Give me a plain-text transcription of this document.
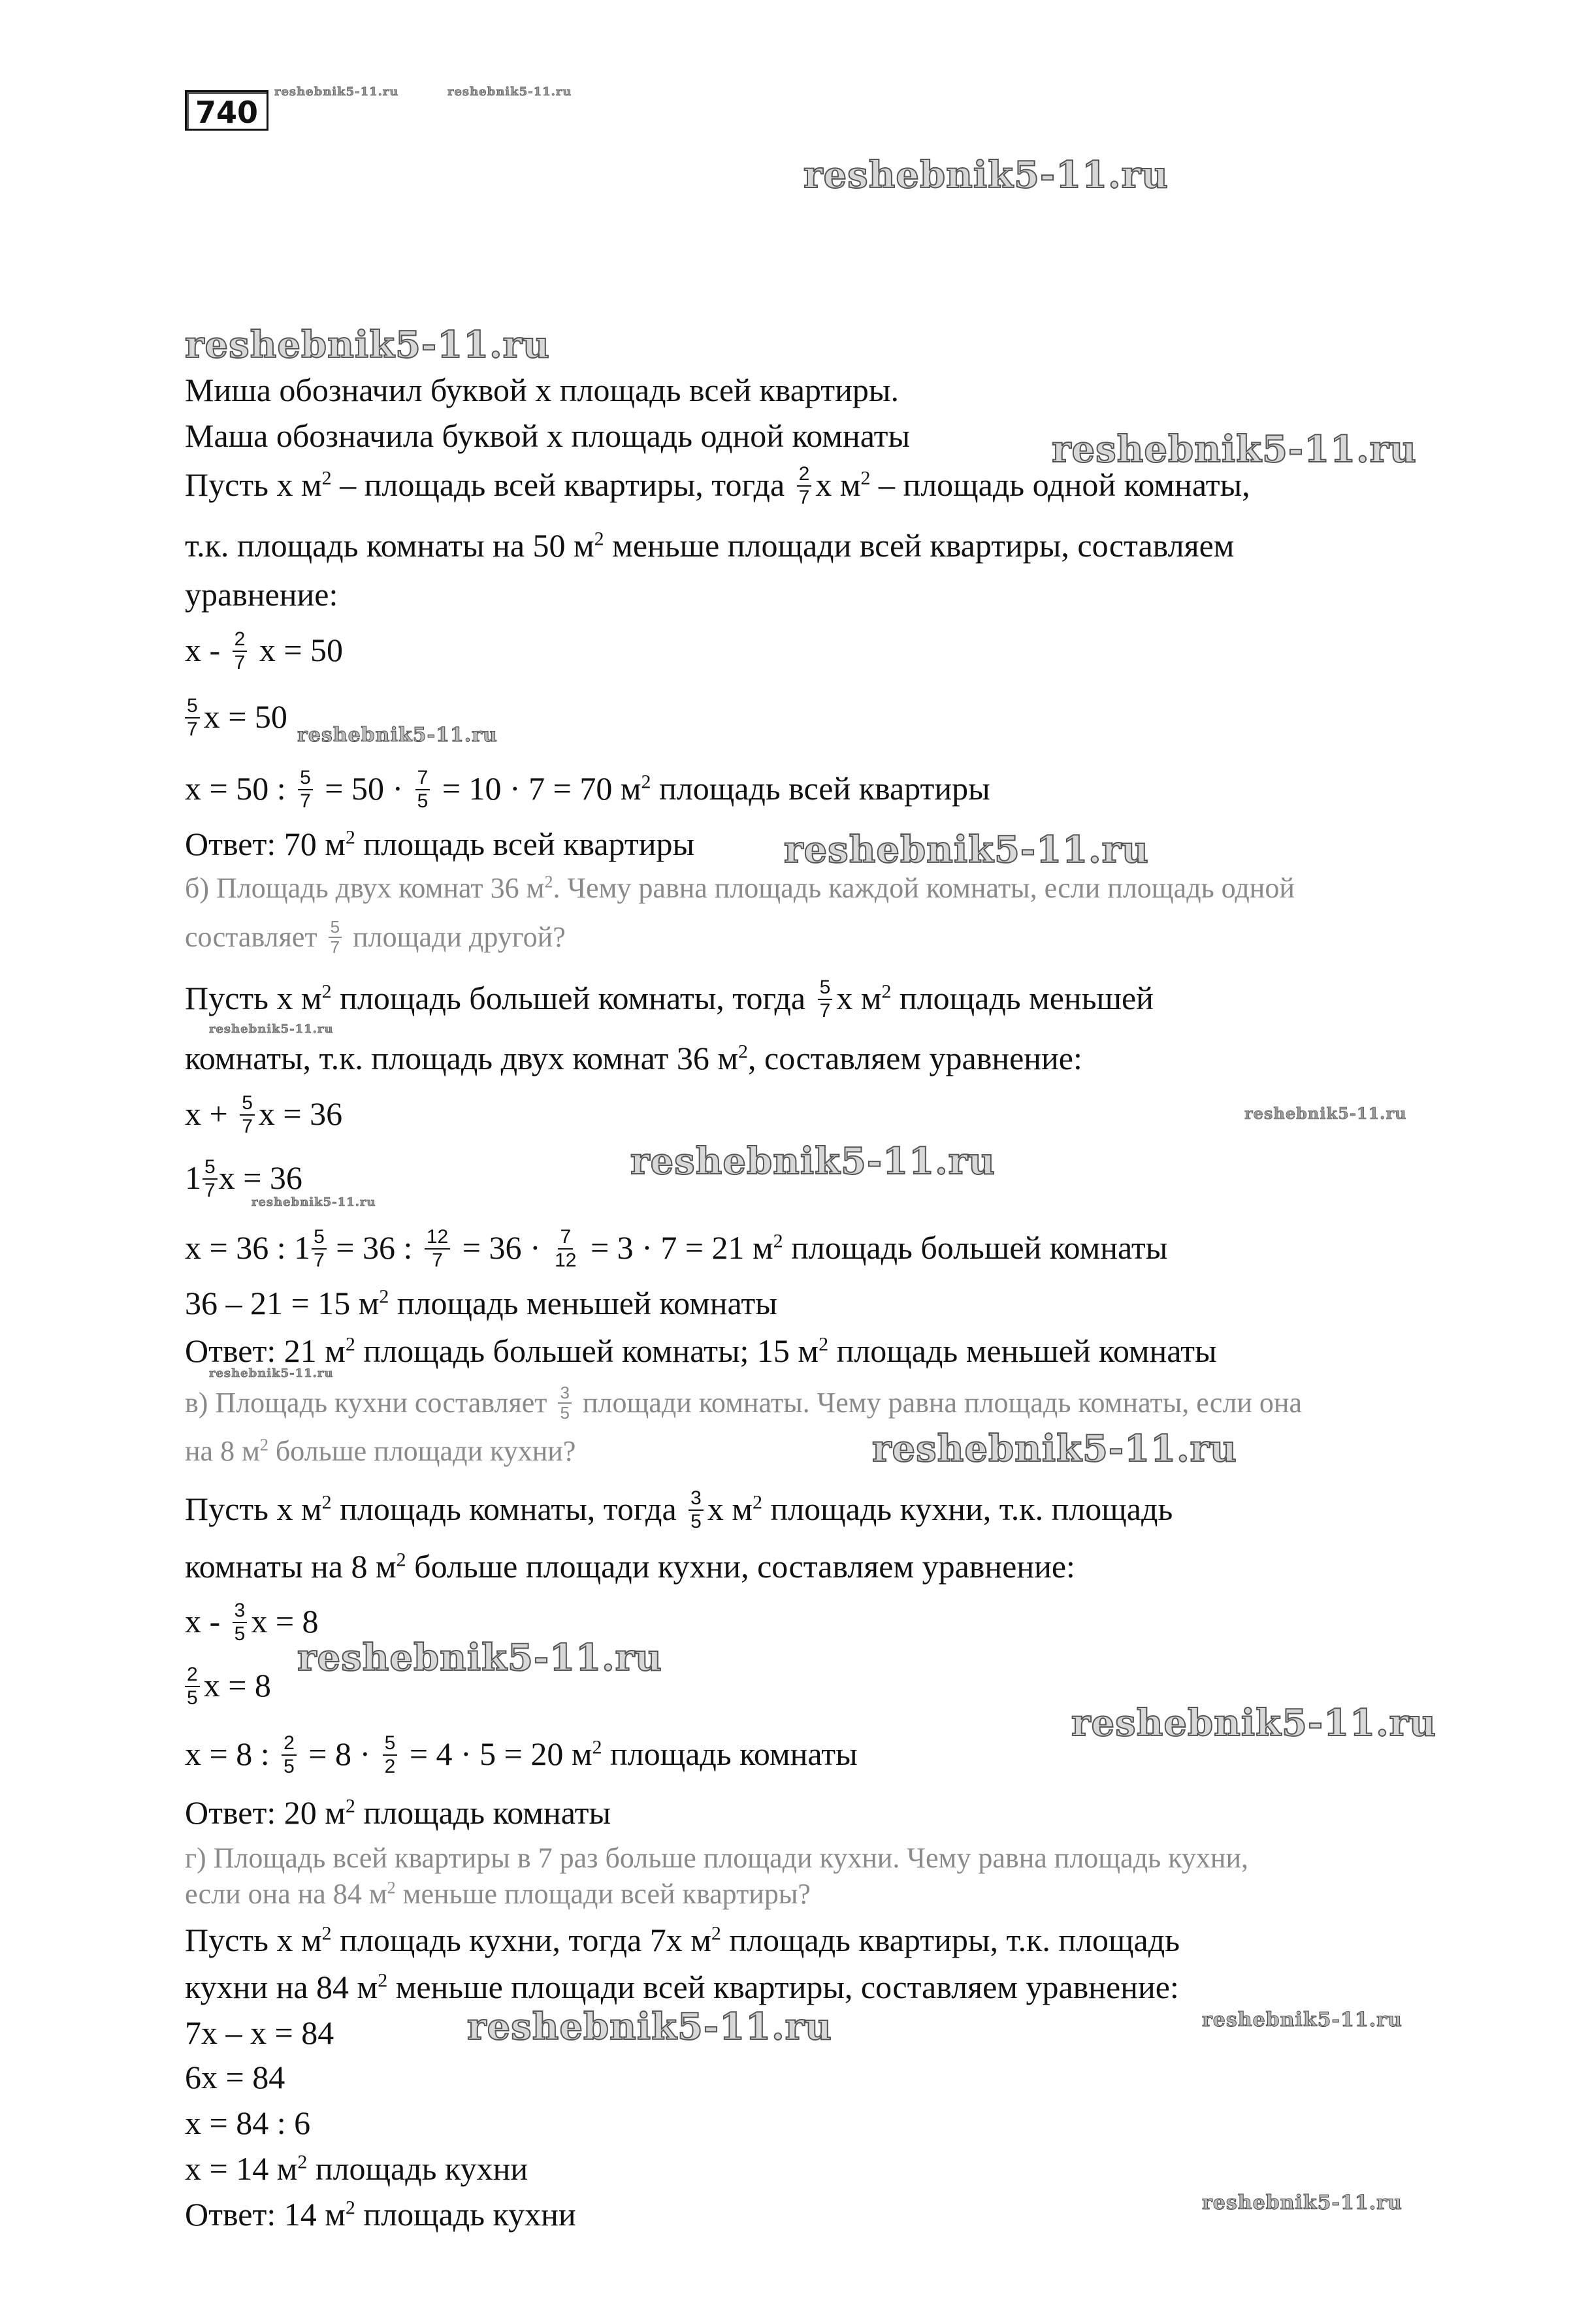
740
reshebnik5-11.ru	reshebnik5-11.ru
reshebnik5-11.ru
reshebnik5-11.ru
reshebnik5-11.ru
reshebnik5-11.ru
reshebnik5-11.ru
reshebnik5-11.ru
reshebnik5-11.ru
reshebnik5-11.ru
reshebnik5-11.ru
reshebnik5-11.ru
reshebnik5-11.ru
reshebnik5-11.ru
reshebnik5-11.ru
reshebnik5-11.ru	reshebnik5-11.ru
reshebnik5-11.ru
Миша обозначил буквой x площадь всей квартиры.
Маша обозначила буквой x площадь одной комнаты
Пусть x $м^2$ – площадь всей квартиры, тогда $\frac{2}{7}$ x $м^2$ – площадь одной комнаты,
т.к. площадь комнаты на 50 $м^2$ меньше площади всей квартиры, составляем
уравнение:
x - $\frac{2}{7}$ x = 50
$\frac{5}{7}$ x = 50
x = 50 : $\frac{5}{7} = 50 \cdot \frac{7}{5} = 10 \cdot 7 = 70$ $м^2$ площадь всей квартиры
Ответ: 70 $м^2$ площадь всей квартиры
б) Площадь двух комнат 36 $м^2$. Чему равна площадь каждой комнаты, если площадь одной
составляет $\frac{5}{7}$ площади другой?
Пусть x $м^2$ площадь большей комнаты, тогда $\frac{5}{7}$ x $м^2$ площадь меньшей
комнаты, т.к. площадь двух комнат 36 $м^2$, составляем уравнение:
$x + \frac{5}{7}$ x = 36
$1 \frac{5}{7}$ x = 36
x = 36 : $1 \frac{5}{7} = 36$ : $\frac{12}{7} = 36 \cdot \frac{7}{12} = 3 \cdot 7 = 21$ $м^2$ площадь большей комнаты
36 – 21 = 15 $м^2$ площадь меньшей комнаты
Ответ: 21 $м^2$ площадь большей комнаты; 15 $м^2$ площадь меньшей комнаты
в) Площадь кухни составляет $\frac{3}{5}$ площади комнаты. Чему равна площадь комнаты, если она
на 8 $м^2$ больше площади кухни?
Пусть x $м^2$ площадь комнаты, тогда $\frac{3}{5}$ x $м^2$ площадь кухни, т.к. площадь
комнаты на 8 $м^2$ больше площади кухни, составляем уравнение:
x - $\frac{3}{5}$ x = 8
$\frac{2}{5}$ x = 8
x = 8 : $\frac{2}{5} = 8 \cdot \frac{5}{2} = 4 \cdot 5 = 20$ $м^2$ площадь комнаты
Ответ: 20 $м^2$ площадь комнаты
г) Площадь всей квартиры в 7 раз больше площади кухни. Чему равна площадь кухни,
если она на 84 $м^2$ меньше площади всей квартиры?
Пусть x $м^2$ площадь кухни, тогда 7x $м^2$ площадь квартиры, т.к. площадь
кухни на 84 $м^2$ меньше площади всей квартиры, составляем уравнение:
7x – x = 84
6x = 84
x = 84 : 6
x = 14 $м^2$ площадь кухни
Ответ: 14 $м^2$ площадь кухни
